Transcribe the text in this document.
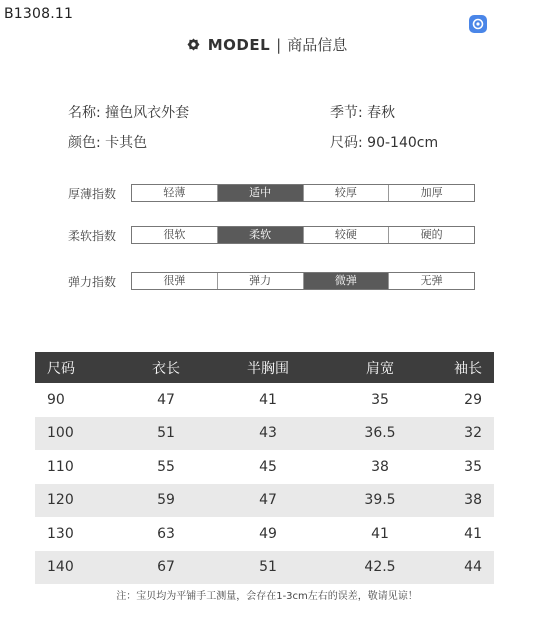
B1308.11
MODEL | 商品信息
名称: 撞色风衣外套	季节: 春秋
颜色: 卡其色	尺码: 90-140cm
厚薄指数	轻薄	适中	较厚	加厚
柔软指数	很软	柔软	较硬	硬的
弹力指数	很弹	弹力	微弹	无弹
尺码	衣长	半胸围	肩宽	袖长
90	47	41	35	29
100	51	43	36.5	32
110	55	45	38	35
120	59	47	39.5	38
130	63	49	41	41
140	67	51	42.5	44
注：宝贝均为平铺手工测量，会存在1-3cm左右的误差，敬请见谅！
